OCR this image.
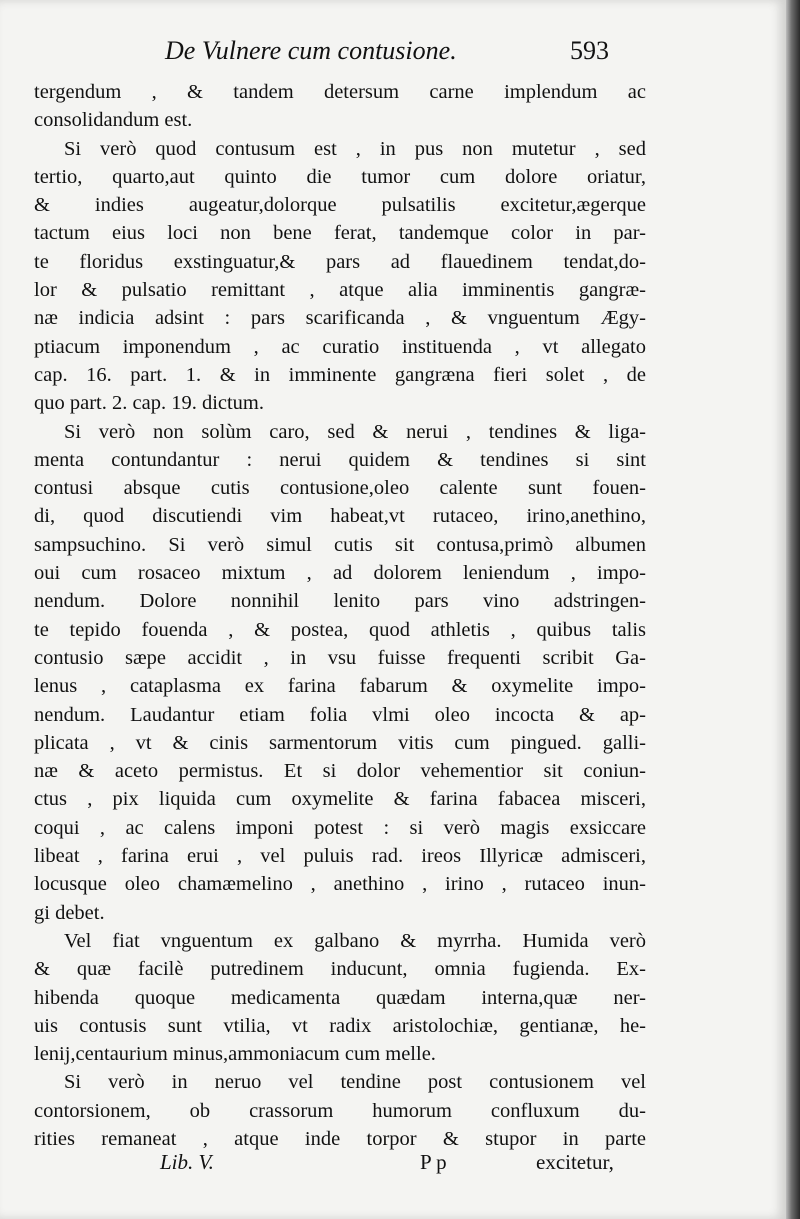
De Vulnere cum contusione.	593
tergendum , & tandem detersum carne implendum ac
consolidandum est.
Si verò quod contusum est , in pus non mutetur , sed
tertio, quarto,aut quinto die tumor cum dolore oriatur,
& indies augeatur,dolorque pulsatilis excitetur,ægerque
tactum eius loci non bene ferat, tandemque color in par-
te floridus exstinguatur,& pars ad flauedinem tendat,do-
lor & pulsatio remittant , atque alia imminentis gangræ-
næ indicia adsint : pars scarificanda , & vnguentum Ægy-
ptiacum imponendum , ac curatio instituenda , vt allegato
cap. 16. part. 1. & in imminente gangræna fieri solet , de
quo part. 2. cap. 19. dictum.
Si verò non solùm caro, sed & nerui , tendines & liga-
menta contundantur : nerui quidem & tendines si sint
contusi absque cutis contusione,oleo calente sunt fouen-
di, quod discutiendi vim habeat,vt rutaceo, irino,anethino,
sampsuchino. Si verò simul cutis sit contusa,primò albumen
oui cum rosaceo mixtum , ad dolorem leniendum , impo-
nendum. Dolore nonnihil lenito pars vino adstringen-
te tepido fouenda , & postea, quod athletis , quibus talis
contusio sæpe accidit , in vsu fuisse frequenti scribit Ga-
lenus , cataplasma ex farina fabarum & oxymelite impo-
nendum. Laudantur etiam folia vlmi oleo incocta & ap-
plicata , vt & cinis sarmentorum vitis cum pingued. galli-
næ & aceto permistus. Et si dolor vehementior sit coniun-
ctus , pix liquida cum oxymelite & farina fabacea misceri,
coqui , ac calens imponi potest : si verò magis exsiccare
libeat , farina erui , vel puluis rad. ireos Illyricæ admisceri,
locusque oleo chamæmelino , anethino , irino , rutaceo inun-
gi debet.
Vel fiat vnguentum ex galbano & myrrha. Humida verò
& quæ facilè putredinem inducunt, omnia fugienda. Ex-
hibenda quoque medicamenta quædam interna,quæ ner-
uis contusis sunt vtilia, vt radix aristolochiæ, gentianæ, he-
lenij,centaurium minus,ammoniacum cum melle.
Si verò in neruo vel tendine post contusionem vel
contorsionem, ob crassorum humorum confluxum du-
rities remaneat , atque inde torpor & stupor in parte
Lib. V.	P p	excitetur,
